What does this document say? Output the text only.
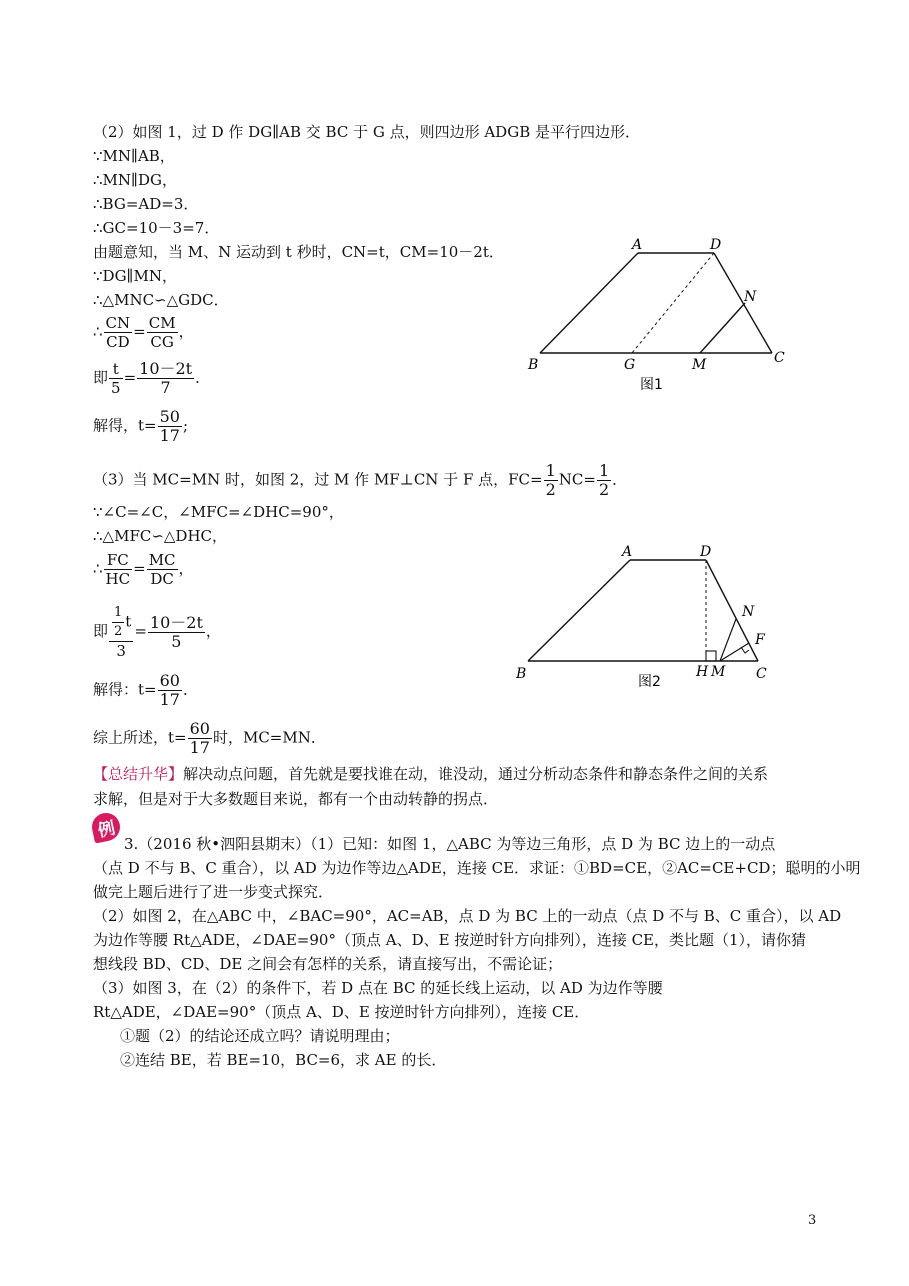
（2）如图 1，过 D 作 DG∥AB 交 BC 于 G 点，则四边形 ADGB 是平行四边形．
∵MN∥AB，
∴MN∥DG，
∴BG=AD=3．
∴GC=10－3=7．
由题意知，当 M、N 运动到 t 秒时，CN=t，CM=10－2t．
∵DG∥MN，
∴△MNC∽△GDC．
∴ $\frac{CN}{CD} = \frac{CM}{CG}$ ，
即 $\frac{t}{5} = \frac{10-2t}{7}$ ．
解得，$t= \frac{50}{17}$ ;
A	D
N
B	G	M	C
图1
（3）当 MC=MN 时，如图 2，过 M 作 MF⊥CN 于 F 点，$FC= \frac{1}{2} NC= \frac{1}{2}$ ．
∵∠C=∠C，∠MFC=∠DHC=90°，
∴△MFC∽△DHC，
∴ $\frac{FC}{HC} = \frac{MC}{DC}$ ，
即 $\frac{\frac{1}{2} t}{3} = \frac{10-2t}{5}$ ，
解得：$t= \frac{60}{17}$ ．
综上所述，$t= \frac{60}{17}$ 时，MC=MN．
A	D
N
F
B	H M C
图2
【总结升华】解决动点问题，首先就是要找谁在动，谁没动，通过分析动态条件和静态条件之间的关系
求解，但是对于大多数题目来说，都有一个由动转静的拐点．
例
3.（2016 秋•泗阳县期末）（1）已知：如图 1，△ABC 为等边三角形，点 D 为 BC 边上的一动点
（点 D 不与 B、C 重合），以 AD 为边作等边△ADE，连接 CE．求证：①BD=CE，②AC=CE+CD；聪明的小明
做完上题后进行了进一步变式探究．
（2）如图 2，在△ABC 中，∠BAC=90°，AC=AB，点 D 为 BC 上的一动点（点 D 不与 B、C 重合），以 AD
为边作等腰 Rt△ADE，∠DAE=90°（顶点 A、D、E 按逆时针方向排列），连接 CE，类比题（1），请你猜
想线段 BD、CD、DE 之间会有怎样的关系，请直接写出，不需论证；
（3）如图 3，在（2）的条件下，若 D 点在 BC 的延长线上运动，以 AD 为边作等腰
Rt△ADE，∠DAE=90°（顶点 A、D、E 按逆时针方向排列），连接 CE．
①题（2）的结论还成立吗？请说明理由；
②连结 BE，若 BE=10，BC=6，求 AE 的长．
3
